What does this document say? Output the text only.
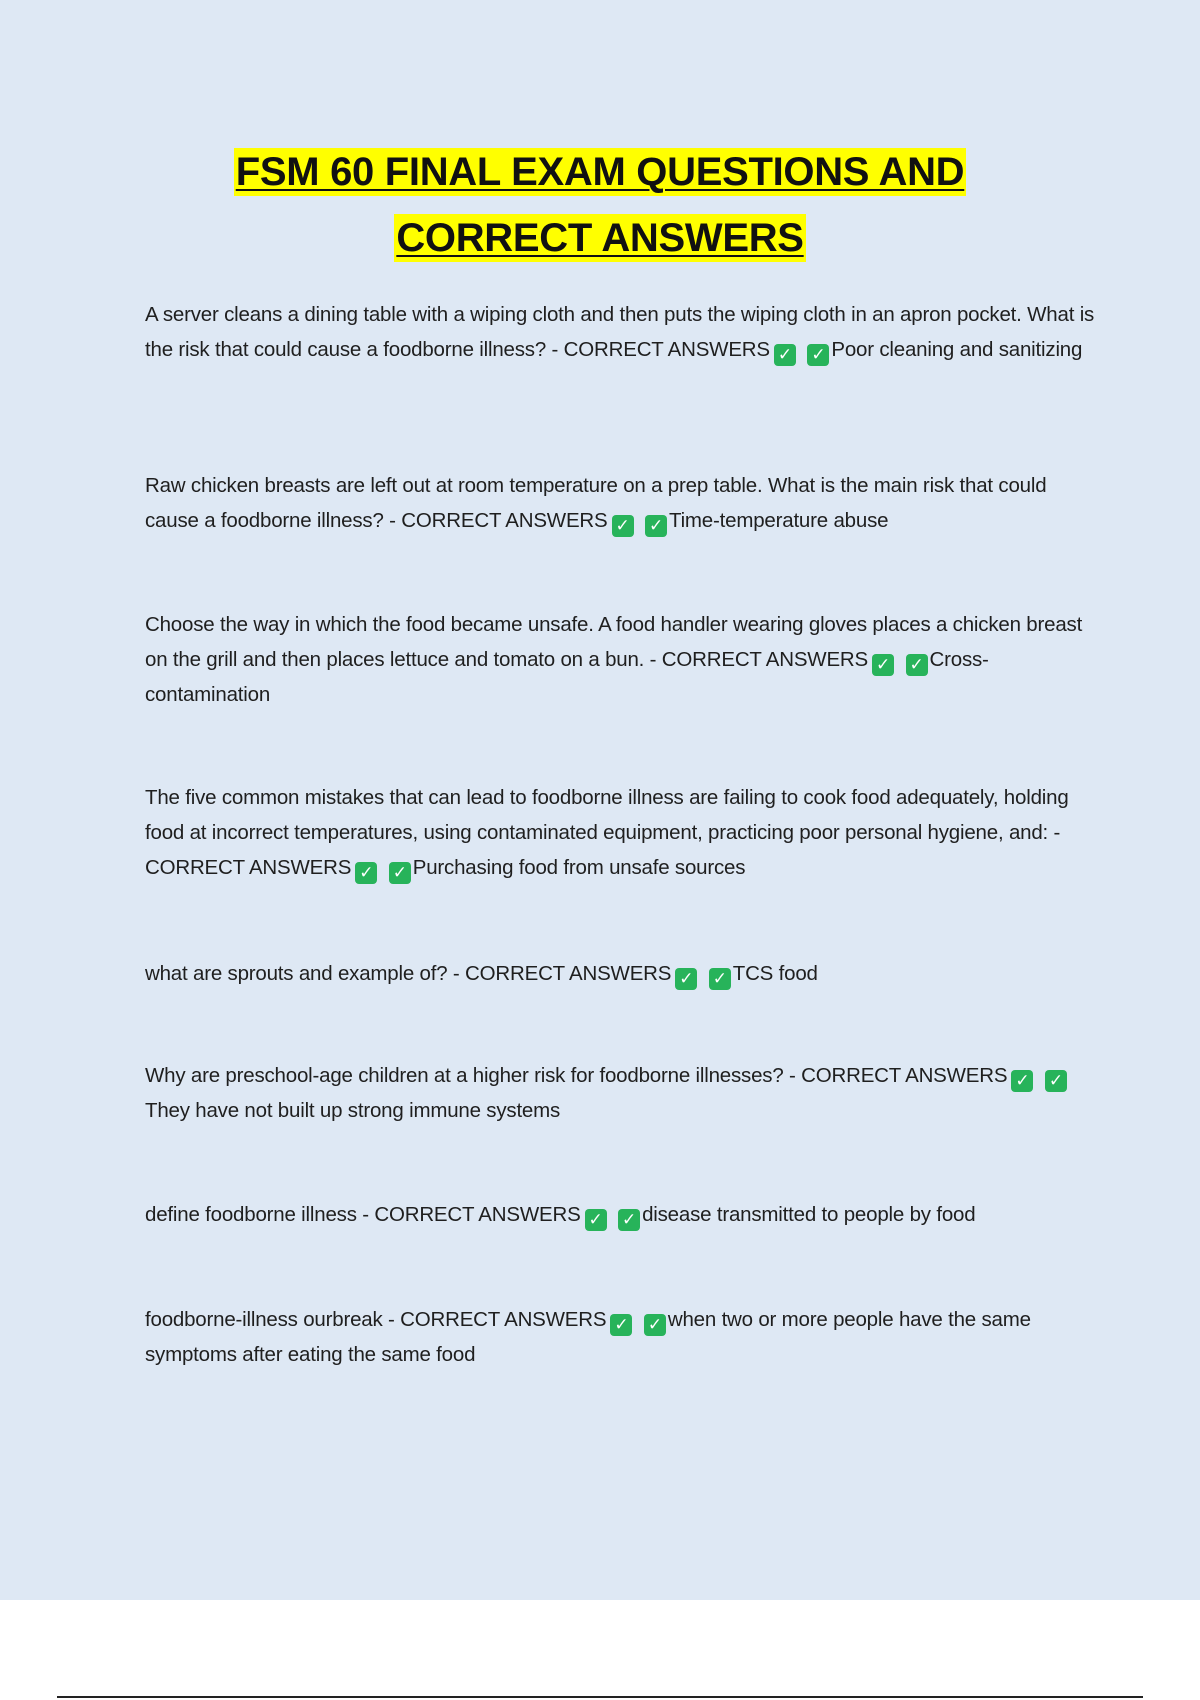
FSM 60 FINAL EXAM QUESTIONS AND
CORRECT ANSWERS
A server cleans a dining table with a wiping cloth and then puts the wiping cloth in an apron pocket. What is the risk that could cause a foodborne illness? - CORRECT ANSWERS ✓ ✓ Poor cleaning and sanitizing
Raw chicken breasts are left out at room temperature on a prep table. What is the main risk that could cause a foodborne illness? - CORRECT ANSWERS ✓ ✓ Time-temperature abuse
Choose the way in which the food became unsafe. A food handler wearing gloves places a chicken breast on the grill and then places lettuce and tomato on a bun. - CORRECT ANSWERS ✓ ✓ Cross-contamination
The five common mistakes that can lead to foodborne illness are failing to cook food adequately, holding food at incorrect temperatures, using contaminated equipment, practicing poor personal hygiene, and: - CORRECT ANSWERS ✓ ✓ Purchasing food from unsafe sources
what are sprouts and example of? - CORRECT ANSWERS ✓ ✓ TCS food
Why are preschool-age children at a higher risk for foodborne illnesses? - CORRECT ANSWERS ✓ ✓They have not built up strong immune systems
define foodborne illness - CORRECT ANSWERS ✓ ✓ disease transmitted to people by food
foodborne-illness ourbreak - CORRECT ANSWERS ✓ ✓ when two or more people have the same symptoms after eating the same food
